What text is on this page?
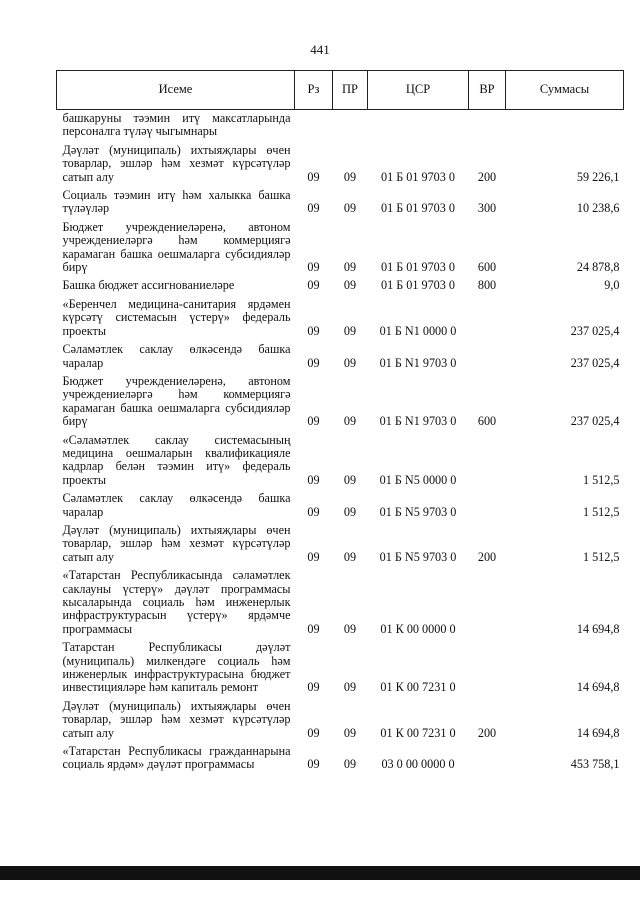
441
Исеме	Рз	ПР	ЦСР	ВР	Суммасы
башкаруны тәэмин итү максатларында персоналга түләү чыгымнары					
Дәүләт (муниципаль) ихтыяҗлары өчен товарлар, эшләр һәм хезмәт күрсәтүләр сатып алу	09	09	01 Б 01 9703 0	200	59 226,1
Социаль тәэмин итү һәм халыкка башка түләүләр	09	09	01 Б 01 9703 0	300	10 238,6
Бюджет учреждениеләренә, автоном учреждениеләргә һәм коммерциягә карамаган башка оешмаларга субсидияләр бирү	09	09	01 Б 01 9703 0	600	24 878,8
Башка бюджет ассигнованиеләре	09	09	01 Б 01 9703 0	800	9,0
«Беренчел медицина-санитария ярдәмен күрсәтү системасын үстерү» федераль проекты	09	09	01 Б N1 0000 0		237 025,4
Сәламәтлек саклау өлкәсендә башка чаралар	09	09	01 Б N1 9703 0		237 025,4
Бюджет учреждениеләренә, автоном учреждениеләргә һәм коммерциягә карамаган башка оешмаларга субсидияләр бирү	09	09	01 Б N1 9703 0	600	237 025,4
«Сәламәтлек саклау системасының медицина оешмаларын квалификацияле кадрлар белән тәэмин итү» федераль проекты	09	09	01 Б N5 0000 0		1 512,5
Сәламәтлек саклау өлкәсендә башка чаралар	09	09	01 Б N5 9703 0		1 512,5
Дәүләт (муниципаль) ихтыяҗлары өчен товарлар, эшләр һәм хезмәт күрсәтүләр сатып алу	09	09	01 Б N5 9703 0	200	1 512,5
«Татарстан Республикасында сәламәтлек саклауны үстерү» дәүләт программасы кысаларында социаль һәм инженерлык инфраструктурасын үстерү» ярдәмче программасы	09	09	01 К 00 0000 0		14 694,8
Татарстан Республикасы дәүләт (муниципаль) милкендәге социаль һәм инженерлык инфраструктурасына бюджет инвестицияләре һәм капиталь ремонт	09	09	01 К 00 7231 0		14 694,8
Дәүләт (муниципаль) ихтыяҗлары өчен товарлар, эшләр һәм хезмәт күрсәтүләр сатып алу	09	09	01 К 00 7231 0	200	14 694,8
«Татарстан Республикасы гражданнарына социаль ярдәм» дәүләт программасы	09	09	03 0 00 0000 0		453 758,1
